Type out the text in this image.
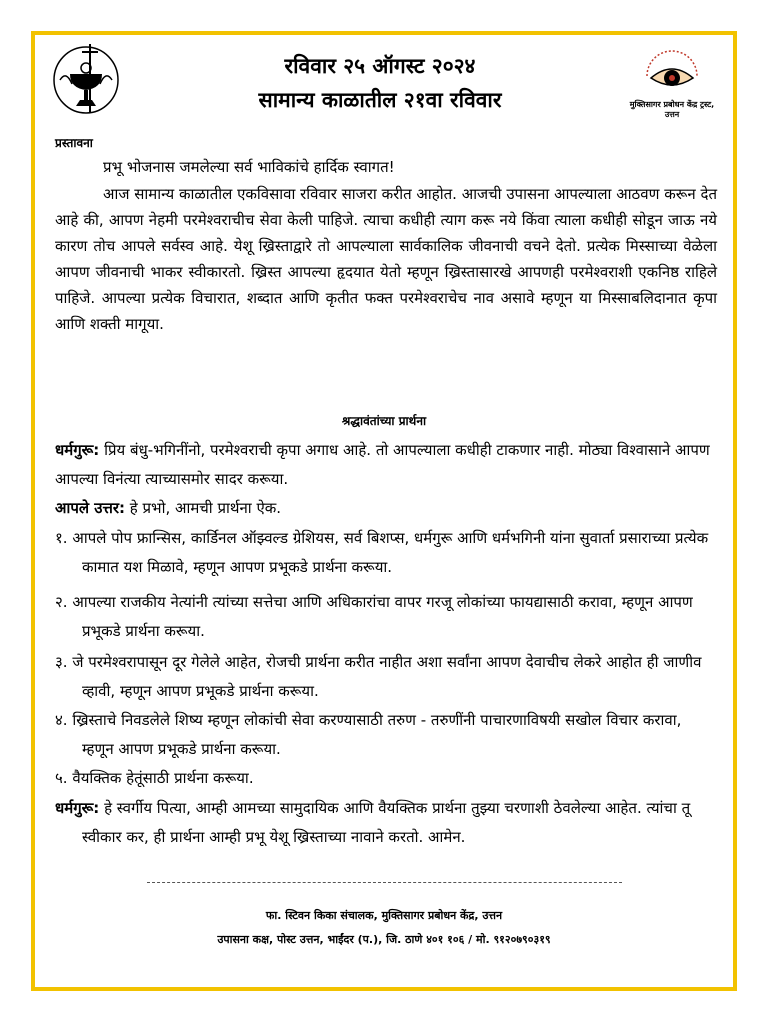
मुक्तिसागर प्रबोधन केंद्र ट्रस्ट, उत्तन
रविवार २५ ऑगस्ट २०२४
सामान्य काळातील २१वा रविवार
प्रस्तावना

प्रभू भोजनास जमलेल्या सर्व भाविकांचे हार्दिक स्वागत!

आज सामान्य काळातील एकविसावा रविवार साजरा करीत आहोत. आजची उपासना आपल्याला आठवण करून देत आहे की, आपण नेहमी परमेश्वराचीच सेवा केली पाहिजे. त्याचा कधीही त्याग करू नये किंवा त्याला कधीही सोडून जाऊ नये कारण तोच आपले सर्वस्व आहे. येशू ख्रिस्ताद्वारे तो आपल्याला सार्वकालिक जीवनाची वचने देतो. प्रत्येक मिस्साच्या वेळेला आपण जीवनाची भाकर स्वीकारतो. ख्रिस्त आपल्या हृदयात येतो म्हणून ख्रिस्तासारखे आपणही परमेश्वराशी एकनिष्ठ राहिले पाहिजे. आपल्या प्रत्येक विचारात, शब्दात आणि कृतीत फक्त परमेश्वराचेच नाव असावे म्हणून या मिस्साबलिदानात कृपा आणि शक्ती मागूया.

श्रद्धावंतांच्या प्रार्थना

धर्मगुरू: प्रिय बंधु-भगिनींनो, परमेश्वराची कृपा अगाध आहे. तो आपल्याला कधीही टाकणार नाही. मोठ्या विश्वासाने आपण आपल्या विनंत्या त्याच्यासमोर सादर करूया.

आपले उत्तर: हे प्रभो, आमची प्रार्थना ऐक.

१. आपले पोप फ्रान्सिस, कार्डिनल ऑझ्वल्ड ग्रेशियस, सर्व बिशप्स, धर्मगुरू आणि धर्मभगिनी यांना सुवार्ता प्रसाराच्या प्रत्येक कामात यश मिळावे, म्हणून आपण प्रभूकडे प्रार्थना करूया.

२. आपल्या राजकीय नेत्यांनी त्यांच्या सत्तेचा आणि अधिकारांचा वापर गरजू लोकांच्या फायद्यासाठी करावा, म्हणून आपण प्रभूकडे प्रार्थना करूया.

३. जे परमेश्वरापासून दूर गेलेले आहेत, रोजची प्रार्थना करीत नाहीत अशा सर्वांना आपण देवाचीच लेकरे आहोत ही जाणीव व्हावी, म्हणून आपण प्रभूकडे प्रार्थना करूया.

४. ख्रिस्ताचे निवडलेले शिष्य म्हणून लोकांची सेवा करण्यासाठी तरुण - तरुणींनी पाचारणाविषयी सखोल विचार करावा, म्हणून आपण प्रभूकडे प्रार्थना करूया.

५. वैयक्तिक हेतूंसाठी प्रार्थना करूया.

धर्मगुरू: हे स्वर्गीय पित्या, आम्ही आमच्या सामुदायिक आणि वैयक्तिक प्रार्थना तुझ्या चरणाशी ठेवलेल्या आहेत. त्यांचा तू स्वीकार कर, ही प्रार्थना आम्ही प्रभू येशू ख्रिस्ताच्या नावाने करतो. आमेन.

फा. स्टिवन किका संचालक, मुक्तिसागर प्रबोधन केंद्र, उत्तन
उपासना कक्ष, पोस्ट उत्तन, भाईंदर (प.), जि. ठाणे ४०१ १०६ / मो. ९१२०७९०३१९
